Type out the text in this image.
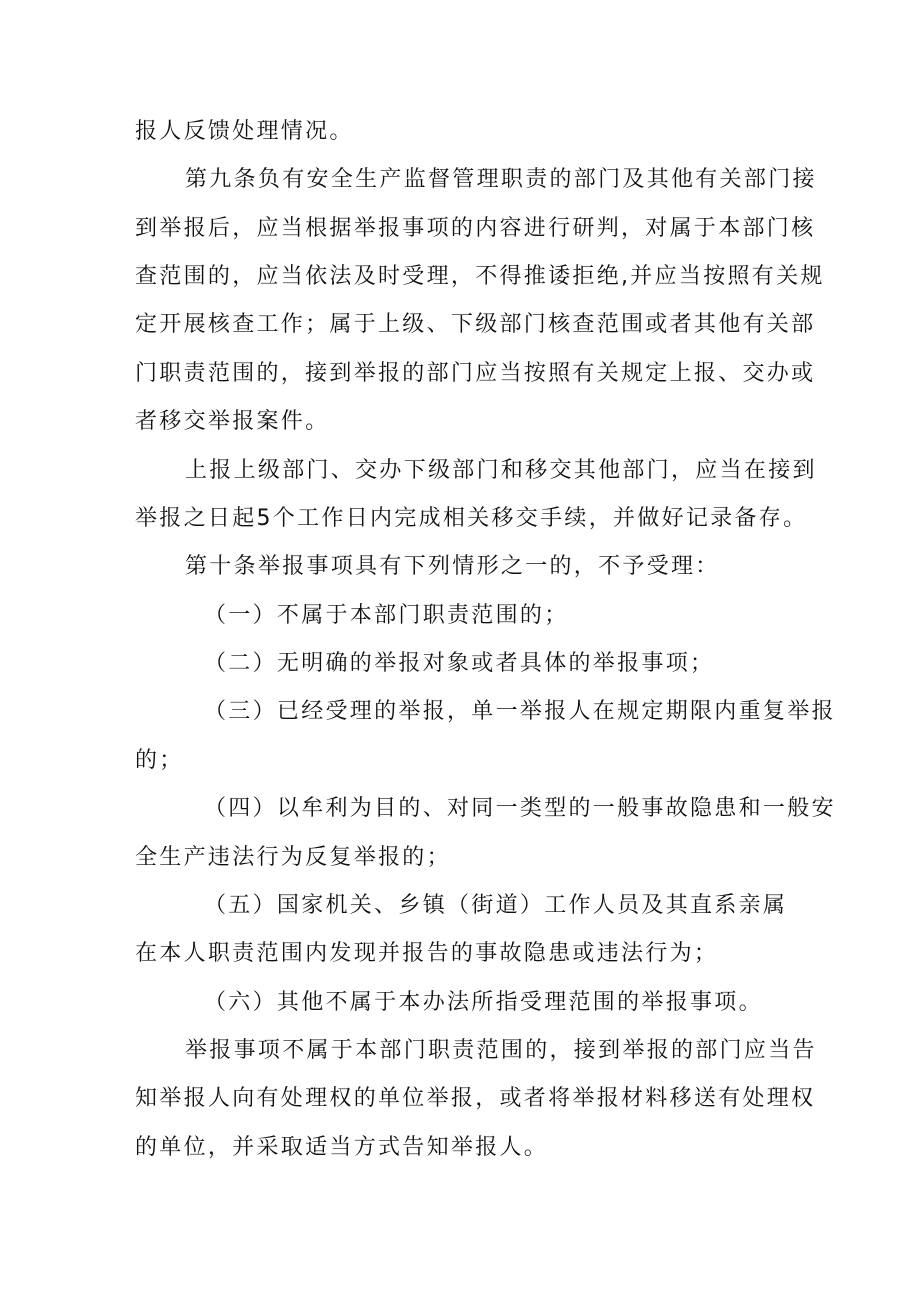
报人反馈处理情况。
第九条负有安全生产监督管理职责的部门及其他有关部门接
到举报后，应当根据举报事项的内容进行研判，对属于本部门核
查范围的，应当依法及时受理，不得推诿拒绝,并应当按照有关规
定开展核查工作；属于上级、下级部门核查范围或者其他有关部
门职责范围的，接到举报的部门应当按照有关规定上报、交办或
者移交举报案件。
上报上级部门、交办下级部门和移交其他部门，应当在接到
举报之日起5个工作日内完成相关移交手续，并做好记录备存。
第十条举报事项具有下列情形之一的，不予受理：
（一）不属于本部门职责范围的；
（二）无明确的举报对象或者具体的举报事项；
（三）已经受理的举报，单一举报人在规定期限内重复举报
的；
（四）以牟利为目的、对同一类型的一般事故隐患和一般安
全生产违法行为反复举报的；
（五）国家机关、乡镇（街道）工作人员及其直系亲属
在本人职责范围内发现并报告的事故隐患或违法行为；
（六）其他不属于本办法所指受理范围的举报事项。
举报事项不属于本部门职责范围的，接到举报的部门应当告
知举报人向有处理权的单位举报，或者将举报材料移送有处理权
的单位，并采取适当方式告知举报人。
